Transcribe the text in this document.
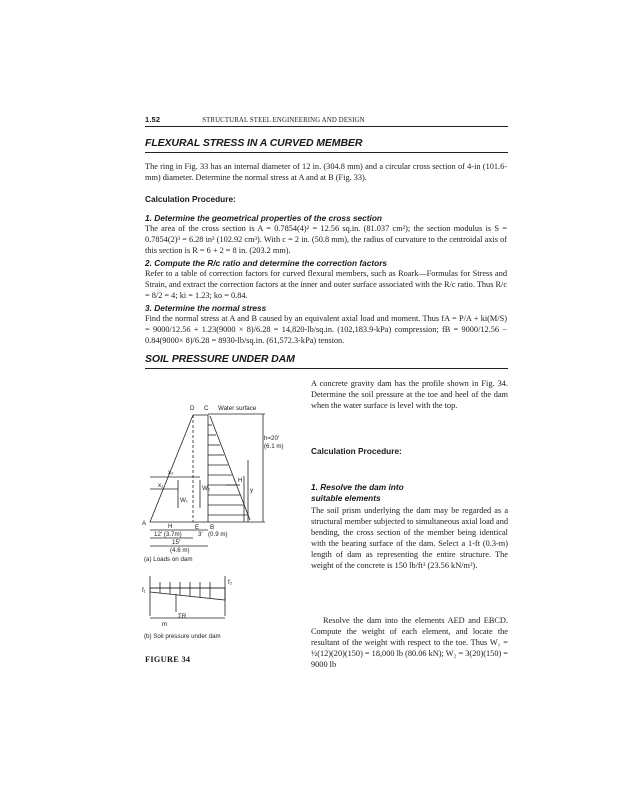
1.52	STRUCTURAL STEEL ENGINEERING AND DESIGN
FLEXURAL STRESS IN A CURVED MEMBER
The ring in Fig. 33 has an internal diameter of 12 in. (304.8 mm) and a circular cross section of 4-in (101.6-mm) diameter. Determine the normal stress at A and at B (Fig. 33).
Calculation Procedure:
1. Determine the geometrical properties of the cross section
The area of the cross section is A = 0.7854(4)² = 12.56 sq.in. (81.037 cm²); the section modulus is S = 0.7854(2)³ = 6.28 in³ (102.92 cm³). With c = 2 in. (50.8 mm), the radius of curvature to the centroidal axis of this section is R = 6 + 2 = 8 in. (203.2 mm).
2. Compute the R/c ratio and determine the correction factors
Refer to a table of correction factors for curved flexural members, such as Roark—Formulas for Stress and Strain, and extract the correction factors at the inner and outer surface associated with the R/c ratio. Thus R/c = 8/2 = 4; ki = 1.23; ko = 0.84.
3. Determine the normal stress
Find the normal stress at A and B caused by an equivalent axial load and moment. Thus fA = P/A + ki(M/S) = 9000/12.56 + 1.23(9000 × 8)/6.28 = 14,820-lb/sq.in. (102,183.9-kPa) compression; fB = 9000/12.56 − 0.84(9000× 8)/6.28 = 8930-lb/sq.in. (61,572.3-kPa) tension.
SOIL PRESSURE UNDER DAM
A concrete gravity dam has the profile shown in Fig. 34. Determine the soil pressure at the toe and heel of the dam when the water surface is level with the top.
Calculation Procedure:
1. Resolve the dam into
suitable elements
The soil prism underlying the dam may be regarded as a structural member subjected to simultaneous axial load and bending, the cross section of the member being identical with the bearing surface of the dam. Select a 1-ft (0.3-m) length of dam as representing the entire structure. The weight of the concrete is 150 lb/ft³ (23.56 kN/m³).
Resolve the dam into the elements AED and EBCD. Compute the weight of each element, and locate the resultant of the weight with respect to the toe. Thus W₁ = ½(12)(20)(150) = 18,000 lb (80.06 kN); W₂ = 3(20)(150) = 9000 lb
D C Water surface
h=20'
(6.1 m)
H
y
x₂
x₁
W₁
W₂
A
E B
H
12' (3.7m)	3' (0.9 m)
15'
(4.6 m)
(a) Loads on dam
f₁
f₂
m
ΣR
(b) Soil pressure under dam
FIGURE 34
